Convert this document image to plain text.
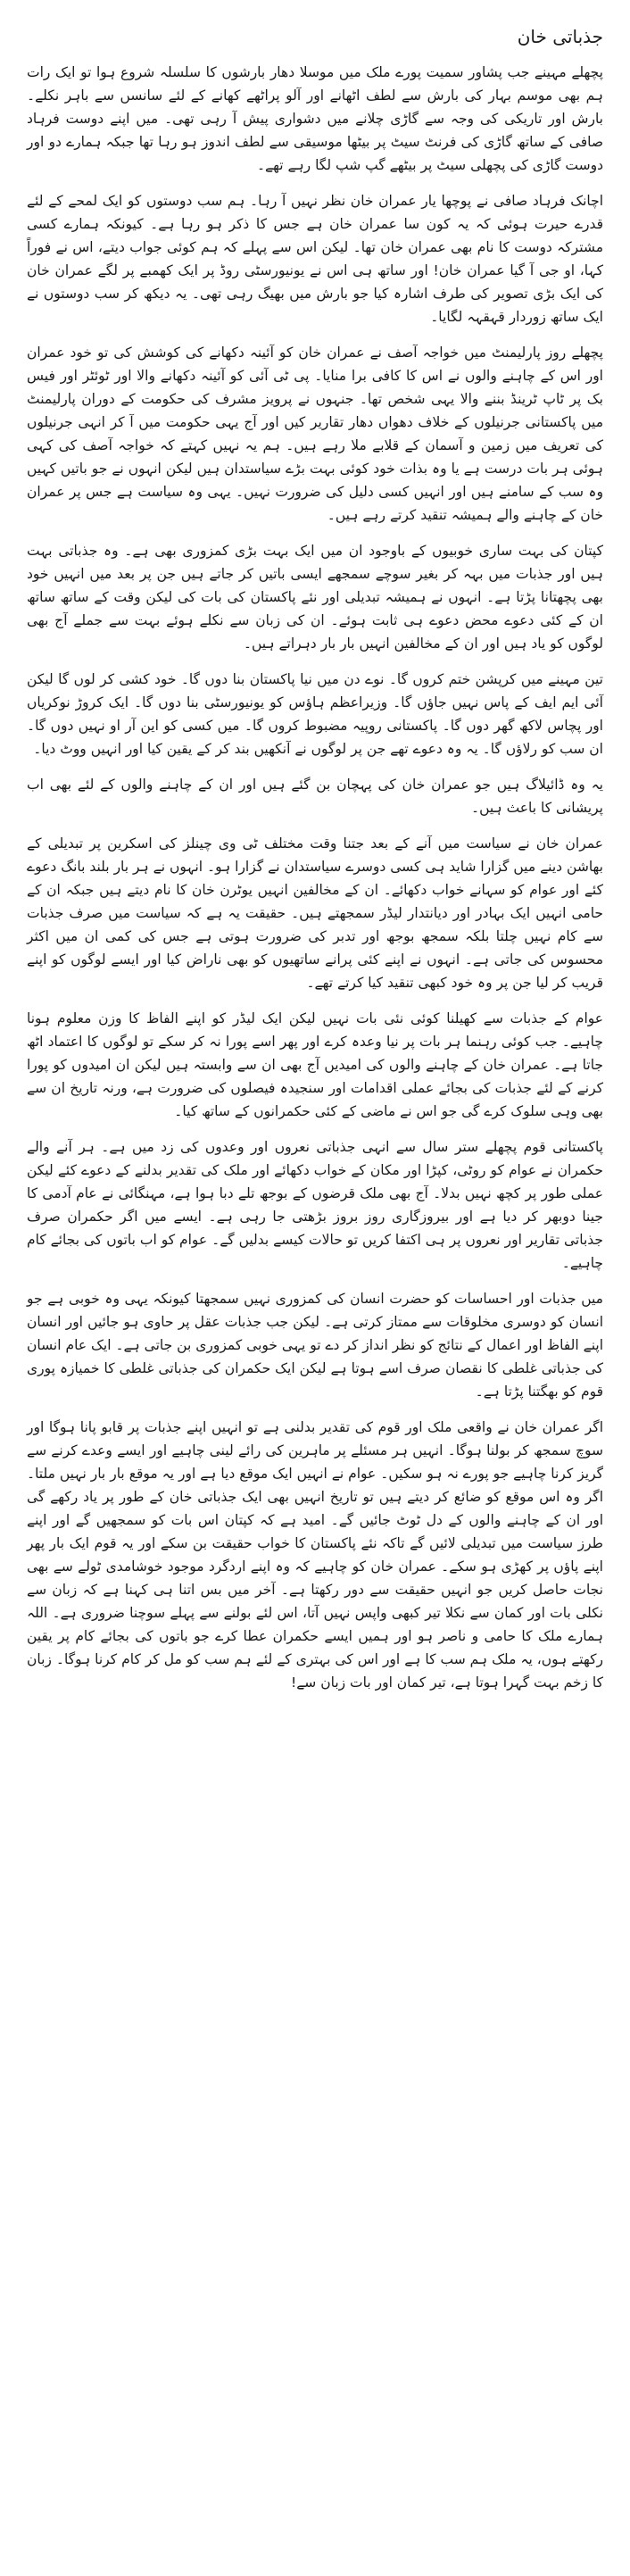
جذباتی خان

پچھلے مہینے جب پشاور سمیت پورے ملک میں موسلا دھار بارشوں کا سلسلہ شروع ہوا تو ایک رات ہم بھی موسم بہار کی بارش سے لطف اٹھانے اور آلو پراٹھے کھانے کے لئے سانسں سے باہر نکلے۔ بارش اور تاریکی کی وجہ سے گاڑی چلانے میں دشواری پیش آ رہی تھی۔ میں اپنے دوست فرہاد صافی کے ساتھ گاڑی کی فرنٹ سیٹ پر بیٹھا موسیقی سے لطف اندوز ہو رہا تھا جبکہ ہمارے دو اور دوست گاڑی کی پچھلی سیٹ پر بیٹھے گپ شپ لگا رہے تھے۔

اچانک فرہاد صافی نے پوچھا یار عمران خان نظر نہیں آ رہا۔ ہم سب دوستوں کو ایک لمحے کے لئے قدرے حیرت ہوئی کہ یہ کون سا عمران خان ہے جس کا ذکر ہو رہا ہے۔ کیونکہ ہمارے کسی مشترکہ دوست کا نام بھی عمران خان تھا۔ لیکن اس سے پہلے کہ ہم کوئی جواب دیتے، اس نے فوراً کہا، او جی آ گیا عمران خان! اور ساتھ ہی اس نے یونیورسٹی روڈ پر ایک کھمبے پر لگے عمران خان کی ایک بڑی تصویر کی طرف اشارہ کیا جو بارش میں بھیگ رہی تھی۔ یہ دیکھ کر سب دوستوں نے ایک ساتھ زوردار قہقہہ لگایا۔

پچھلے روز پارلیمنٹ میں خواجہ آصف نے عمران خان کو آئینہ دکھانے کی کوشش کی تو خود عمران اور اس کے چاہنے والوں نے اس کا کافی برا منایا۔ پی ٹی آئی کو آئینہ دکھانے والا اور ٹوئٹر اور فیس بک پر ٹاپ ٹرینڈ بننے والا یہی شخص تھا۔ جنہوں نے پرویز مشرف کی حکومت کے دوران پارلیمنٹ میں پاکستانی جرنیلوں کے خلاف دھواں دھار تقاریر کیں اور آج یہی حکومت میں آ کر انہی جرنیلوں کی تعریف میں زمین و آسمان کے قلابے ملا رہے ہیں۔ ہم یہ نہیں کہتے کہ خواجہ آصف کی کہی ہوئی ہر بات درست ہے یا وہ بذات خود کوئی بہت بڑے سیاستدان ہیں لیکن انہوں نے جو باتیں کہیں وہ سب کے سامنے ہیں اور انہیں کسی دلیل کی ضرورت نہیں۔ یہی وہ سیاست ہے جس پر عمران خان کے چاہنے والے ہمیشہ تنقید کرتے رہے ہیں۔

کپتان کی بہت ساری خوبیوں کے باوجود ان میں ایک بہت بڑی کمزوری بھی ہے۔ وہ جذباتی بہت ہیں اور جذبات میں بہہ کر بغیر سوچے سمجھے ایسی باتیں کر جاتے ہیں جن پر بعد میں انہیں خود بھی پچھتانا پڑتا ہے۔ انہوں نے ہمیشہ تبدیلی اور نئے پاکستان کی بات کی لیکن وقت کے ساتھ ساتھ ان کے کئی دعوے محض دعوے ہی ثابت ہوئے۔ ان کی زبان سے نکلے ہوئے بہت سے جملے آج بھی لوگوں کو یاد ہیں اور ان کے مخالفین انہیں بار بار دہراتے ہیں۔

تین مہینے میں کرپشن ختم کروں گا۔ نوے دن میں نیا پاکستان بنا دوں گا۔ خود کشی کر لوں گا لیکن آئی ایم ایف کے پاس نہیں جاؤں گا۔ وزیراعظم ہاؤس کو یونیورسٹی بنا دوں گا۔ ایک کروڑ نوکریاں اور پچاس لاکھ گھر دوں گا۔ پاکستانی روپیہ مضبوط کروں گا۔ میں کسی کو این آر او نہیں دوں گا۔ ان سب کو رلاؤں گا۔ یہ وہ دعوے تھے جن پر لوگوں نے آنکھیں بند کر کے یقین کیا اور انہیں ووٹ دیا۔

یہ وہ ڈائیلاگ ہیں جو عمران خان کی پہچان بن گئے ہیں اور ان کے چاہنے والوں کے لئے بھی اب پریشانی کا باعث ہیں۔

عمران خان نے سیاست میں آنے کے بعد جتنا وقت مختلف ٹی وی چینلز کی اسکرین پر تبدیلی کے بھاشن دینے میں گزارا شاید ہی کسی دوسرے سیاستدان نے گزارا ہو۔ انہوں نے ہر بار بلند بانگ دعوے کئے اور عوام کو سہانے خواب دکھائے۔ ان کے مخالفین انہیں یوٹرن خان کا نام دیتے ہیں جبکہ ان کے حامی انہیں ایک بہادر اور دیانتدار لیڈر سمجھتے ہیں۔ حقیقت یہ ہے کہ سیاست میں صرف جذبات سے کام نہیں چلتا بلکہ سمجھ بوجھ اور تدبر کی ضرورت ہوتی ہے جس کی کمی ان میں اکثر محسوس کی جاتی ہے۔ انہوں نے اپنے کئی پرانے ساتھیوں کو بھی ناراض کیا اور ایسے لوگوں کو اپنے قریب کر لیا جن پر وہ خود کبھی تنقید کیا کرتے تھے۔

عوام کے جذبات سے کھیلنا کوئی نئی بات نہیں لیکن ایک لیڈر کو اپنے الفاظ کا وزن معلوم ہونا چاہیے۔ جب کوئی رہنما ہر بات پر نیا وعدہ کرے اور پھر اسے پورا نہ کر سکے تو لوگوں کا اعتماد اٹھ جاتا ہے۔ عمران خان کے چاہنے والوں کی امیدیں آج بھی ان سے وابستہ ہیں لیکن ان امیدوں کو پورا کرنے کے لئے جذبات کی بجائے عملی اقدامات اور سنجیدہ فیصلوں کی ضرورت ہے، ورنہ تاریخ ان سے بھی وہی سلوک کرے گی جو اس نے ماضی کے کئی حکمرانوں کے ساتھ کیا۔

پاکستانی قوم پچھلے ستر سال سے انہی جذباتی نعروں اور وعدوں کی زد میں ہے۔ ہر آنے والے حکمران نے عوام کو روٹی، کپڑا اور مکان کے خواب دکھائے اور ملک کی تقدیر بدلنے کے دعوے کئے لیکن عملی طور پر کچھ نہیں بدلا۔ آج بھی ملک قرضوں کے بوجھ تلے دبا ہوا ہے، مہنگائی نے عام آدمی کا جینا دوبھر کر دیا ہے اور بیروزگاری روز بروز بڑھتی جا رہی ہے۔ ایسے میں اگر حکمران صرف جذباتی تقاریر اور نعروں پر ہی اکتفا کریں تو حالات کیسے بدلیں گے۔ عوام کو اب باتوں کی بجائے کام چاہیے۔

میں جذبات اور احساسات کو حضرت انسان کی کمزوری نہیں سمجھتا کیونکہ یہی وہ خوبی ہے جو انسان کو دوسری مخلوقات سے ممتاز کرتی ہے۔ لیکن جب جذبات عقل پر حاوی ہو جائیں اور انسان اپنے الفاظ اور اعمال کے نتائج کو نظر انداز کر دے تو یہی خوبی کمزوری بن جاتی ہے۔ ایک عام انسان کی جذباتی غلطی کا نقصان صرف اسے ہوتا ہے لیکن ایک حکمران کی جذباتی غلطی کا خمیازہ پوری قوم کو بھگتنا پڑتا ہے۔

اگر عمران خان نے واقعی ملک اور قوم کی تقدیر بدلنی ہے تو انہیں اپنے جذبات پر قابو پانا ہوگا اور سوچ سمجھ کر بولنا ہوگا۔ انہیں ہر مسئلے پر ماہرین کی رائے لینی چاہیے اور ایسے وعدے کرنے سے گریز کرنا چاہیے جو پورے نہ ہو سکیں۔ عوام نے انہیں ایک موقع دیا ہے اور یہ موقع بار بار نہیں ملتا۔ اگر وہ اس موقع کو ضائع کر دیتے ہیں تو تاریخ انہیں بھی ایک جذباتی خان کے طور پر یاد رکھے گی اور ان کے چاہنے والوں کے دل ٹوٹ جائیں گے۔ امید ہے کہ کپتان اس بات کو سمجھیں گے اور اپنے طرز سیاست میں تبدیلی لائیں گے تاکہ نئے پاکستان کا خواب حقیقت بن سکے اور یہ قوم ایک بار پھر اپنے پاؤں پر کھڑی ہو سکے۔ عمران خان کو چاہیے کہ وہ اپنے اردگرد موجود خوشامدی ٹولے سے بھی نجات حاصل کریں جو انہیں حقیقت سے دور رکھتا ہے۔ آخر میں بس اتنا ہی کہنا ہے کہ زبان سے نکلی بات اور کمان سے نکلا تیر کبھی واپس نہیں آتا، اس لئے بولنے سے پہلے سوچنا ضروری ہے۔ اللہ ہمارے ملک کا حامی و ناصر ہو اور ہمیں ایسے حکمران عطا کرے جو باتوں کی بجائے کام پر یقین رکھتے ہوں، یہ ملک ہم سب کا ہے اور اس کی بہتری کے لئے ہم سب کو مل کر کام کرنا ہوگا۔ زبان کا زخم بہت گہرا ہوتا ہے، تیر کمان اور بات زبان سے!
